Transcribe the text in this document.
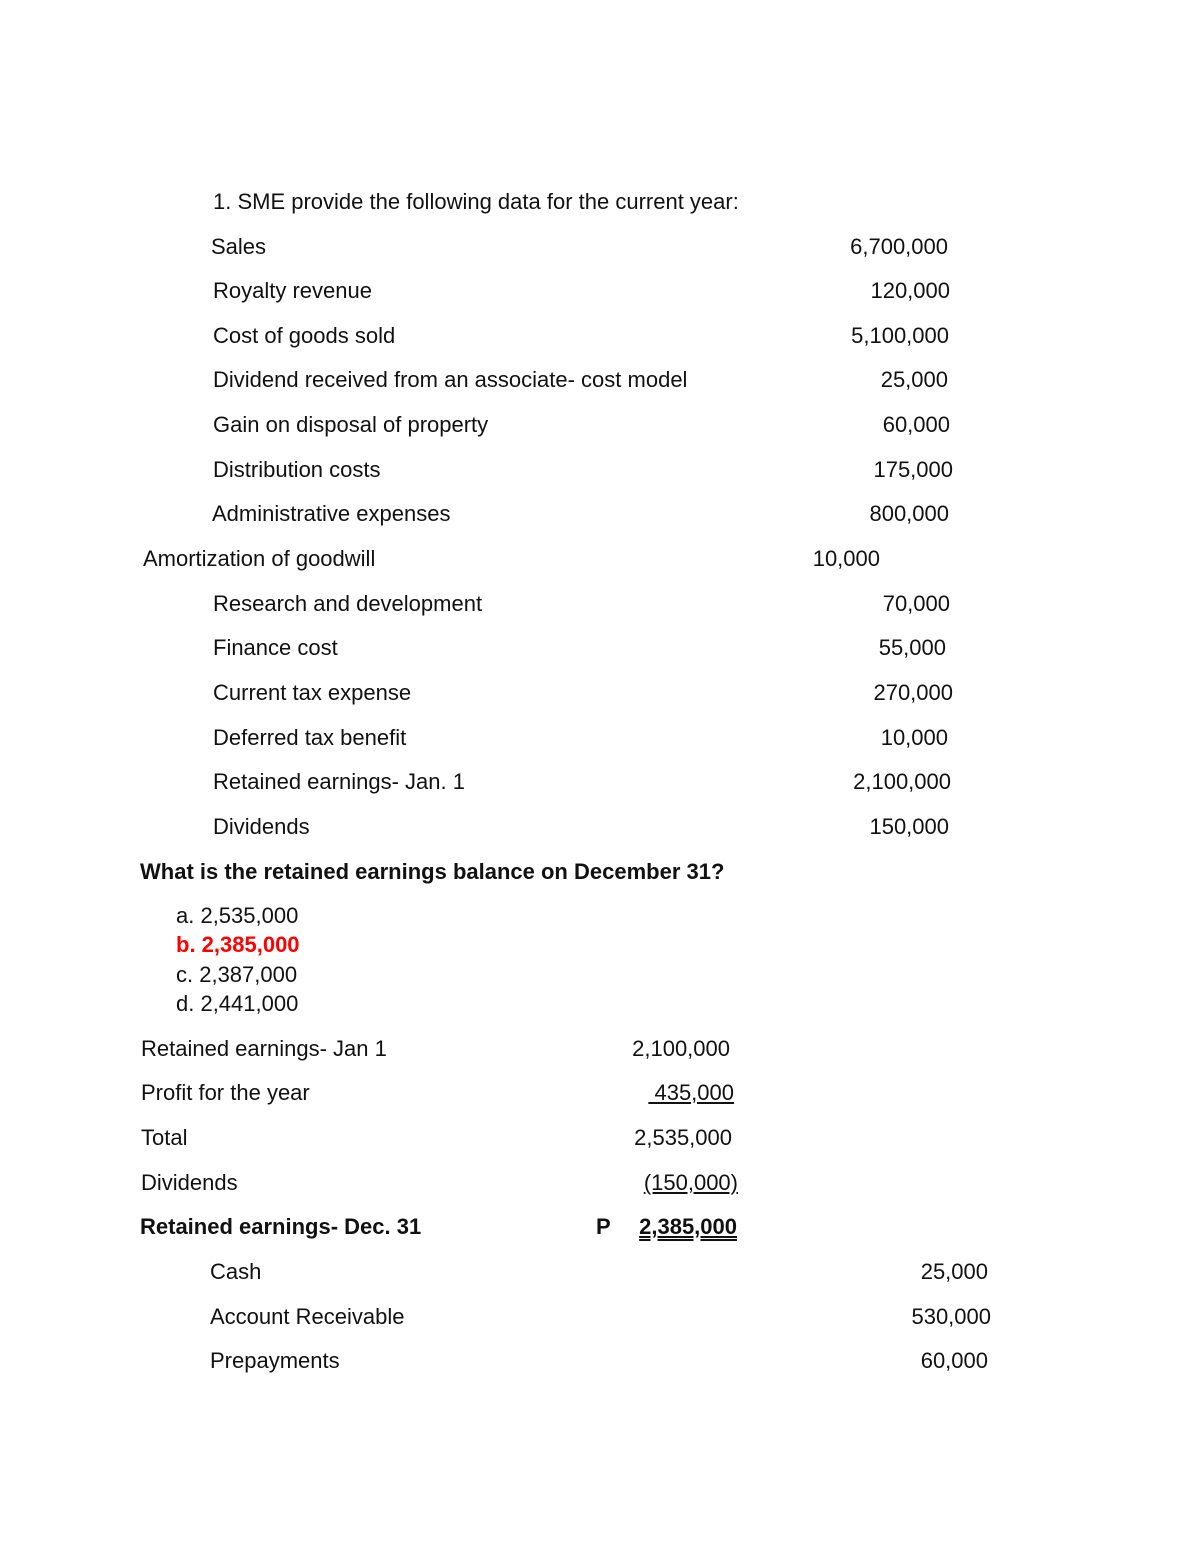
1. SME provide the following data for the current year:
Sales	6,700,000
Royalty revenue	120,000
Cost of goods sold	5,100,000
Dividend received from an associate- cost model	25,000
Gain on disposal of property	60,000
Distribution costs	175,000
Administrative expenses	800,000
Amortization of goodwill	10,000
Research and development	70,000
Finance cost	55,000
Current tax expense	270,000
Deferred tax benefit	10,000
Retained earnings- Jan. 1	2,100,000
Dividends	150,000
What is the retained earnings balance on December 31?
a. 2,535,000
b. 2,385,000
c. 2,387,000
d. 2,441,000
Retained earnings- Jan 1	2,100,000
Profit for the year	435,000
Total	2,535,000
Dividends	(150,000)
Retained earnings- Dec. 31	P 2,385,000
Cash	25,000
Account Receivable	530,000
Prepayments	60,000
